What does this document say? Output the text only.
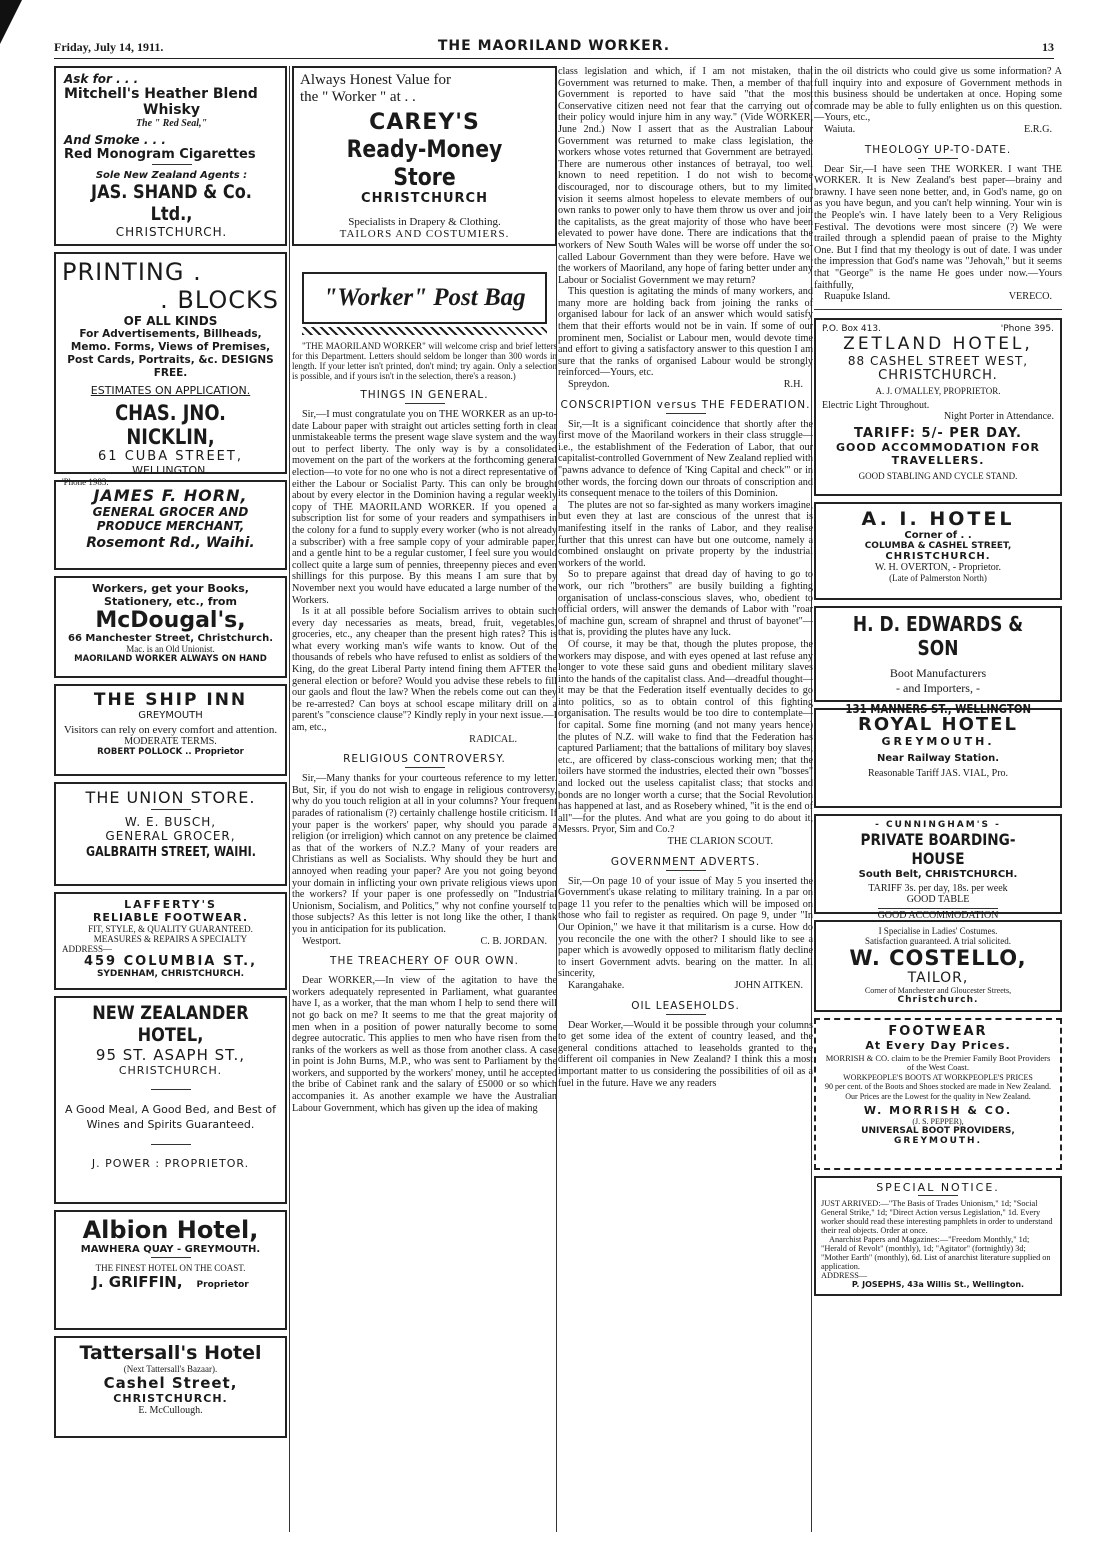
Friday, July 14, 1911.	THE MAORILAND WORKER.	13
Ask for . . .
Mitchell's Heather Blend
Whisky
The " Red Seal,"
And Smoke . . .
Red Monogram Cigarettes
Sole New Zealand Agents :
JAS. SHAND & Co. Ltd.,
CHRISTCHURCH.
PRINTING .
. BLOCKS
OF ALL KINDS
For Advertisements, Billheads, Memo. Forms, Views of Premises, Post Cards, Portraits, &c. DESIGNS FREE.
ESTIMATES ON APPLICATION.
CHAS. JNO. NICKLIN,
61 CUBA STREET,
WELLINGTON.
'Phone 1983.
JAMES F. HORN,
GENERAL GROCER AND
PRODUCE MERCHANT,
Rosemont Rd., Waihi.
Workers, get your Books, Stationery, etc., from
McDougal's,
66 Manchester Street, Christchurch.
Mac. is an Old Unionist.
MAORILAND WORKER ALWAYS ON HAND
THE SHIP INN
GREYMOUTH
Visitors can rely on every comfort and attention.
MODERATE TERMS.
ROBERT POLLOCK .. Proprietor
THE UNION STORE.
W. E. BUSCH,
GENERAL GROCER,
GALBRAITH STREET, WAIHI.
LAFFERTY'S
RELIABLE FOOTWEAR.
FIT, STYLE, & QUALITY GUARANTEED.
MEASURES & REPAIRS A SPECIALTY
ADDRESS—
459 COLUMBIA ST.,
SYDENHAM, CHRISTCHURCH.
NEW ZEALANDER HOTEL,
95 ST. ASAPH ST.,
CHRISTCHURCH.
A Good Meal, A Good Bed, and Best of Wines and Spirits Guaranteed.
J. POWER : PROPRIETOR.
Albion Hotel,
MAWHERA QUAY - GREYMOUTH.
THE FINEST HOTEL ON THE COAST.
J. GRIFFIN, Proprietor
Tattersall's Hotel
(Next Tattersall's Bazaar).
Cashel Street,
CHRISTCHURCH.
E. McCullough.
Always Honest Value for
the " Worker " at . .
CAREY'S
Ready-Money Store
CHRISTCHURCH
Specialists in Drapery & Clothing.
TAILORS AND COSTUMIERS.
"Worker" Post Bag

"THE MAORILAND WORKER" will welcome crisp and brief letters for this Department. Letters should seldom be longer than 300 words in length. If your letter isn't printed, don't mind; try again. Only a selection is possible, and if yours isn't in the selection, there's a reason.)

THINGS IN GENERAL.

Sir,—I must congratulate you on THE WORKER as an up-to-date Labour paper with straight out articles setting forth in clear unmistakeable terms the present wage slave system and the way out to perfect liberty. The only way is by a consolidated movement on the part of the workers at the forthcoming general election—to vote for no one who is not a direct representative of either the Labour or Socialist Party. This can only be brought about by every elector in the Dominion having a regular weekly copy of THE MAORILAND WORKER. If you opened a subscription list for some of your readers and sympathisers in the colony for a fund to supply every worker (who is not already a subscriber) with a free sample copy of your admirable paper, and a gentle hint to be a regular customer, I feel sure you would collect quite a large sum of pennies, threepenny pieces and even shillings for this purpose. By this means I am sure that by November next you would have educated a large number of the Workers.

Is it at all possible before Socialism arrives to obtain such every day necessaries as meats, bread, fruit, vegetables, groceries, etc., any cheaper than the present high rates? This is what every working man's wife wants to know. Out of the thousands of rebels who have refused to enlist as soldiers of the King, do the great Liberal Party intend fining them AFTER the general election or before? Would you advise these rebels to fill our gaols and flout the law? When the rebels come out can they be re-arrested? Can boys at school escape military drill on a parent's "conscience clause"? Kindly reply in your next issue.—I am, etc.,

RADICAL.
RELIGIOUS CONTROVERSY.

Sir,—Many thanks for your courteous reference to my letter. But, Sir, if you do not wish to engage in religious controversy, why do you touch religion at all in your columns? Your frequent parades of rationalism (?) certainly challenge hostile criticism. If your paper is the workers' paper, why should you parade a religion (or irreligion) which cannot on any pretence be claimed as that of the workers of N.Z.? Many of your readers are Christians as well as Socialists. Why should they be hurt and annoyed when reading your paper? Are you not going beyond your domain in inflicting your own private religious views upon the workers? If your paper is one professedly on "Industrial Unionism, Socialism, and Politics," why not confine yourself to those subjects? As this letter is not long like the other, I thank you in anticipation for its publication.

Westport.	C. B. JORDAN.
THE TREACHERY OF OUR OWN.

Dear WORKER,—In view of the agitation to have the workers adequately represented in Parliament, what guarantee have I, as a worker, that the man whom I help to send there will not go back on me? It seems to me that the great majority of men when in a position of power naturally become to some degree autocratic. This applies to men who have risen from the ranks of the workers as well as those from another class. A case in point is John Burns, M.P., who was sent to Parliament by the workers, and supported by the workers' money, until he accepted the bribe of Cabinet rank and the salary of £5000 or so which accompanies it. As another example we have the Australian Labour Government, which has given up the idea of making

class legislation and which, if I am not mistaken, that Government was returned to make. Then, a member of that Government is reported to have said "that the most Conservative citizen need not fear that the carrying out of their policy would injure him in any way." (Vide WORKER, June 2nd.) Now I assert that as the Australian Labour Government was returned to make class legislation, the workers whose votes returned that Government are betrayed. There are numerous other instances of betrayal, too well known to need repetition. I do not wish to become discouraged, nor to discourage others, but to my limited vision it seems almost hopeless to elevate members of our own ranks to power only to have them throw us over and join the capitalists, as the great majority of those who have been elevated to power have done. There are indications that the workers of New South Wales will be worse off under the so-called Labour Government than they were before. Have we, the workers of Maoriland, any hope of faring better under any Labour or Socialist Government we may return?

This question is agitating the minds of many workers, and many more are holding back from joining the ranks of organised labour for lack of an answer which would satisfy them that their efforts would not be in vain. If some of our prominent men, Socialist or Labour men, would devote time and effort to giving a satisfactory answer to this question I am sure that the ranks of organised Labour would be strongly reinforced—Yours, etc.

Spreydon.	R.H.
CONSCRIPTION versus THE FEDERATION.

Sir,—It is a significant coincidence that shortly after the first move of the Maoriland workers in their class struggle—i.e., the establishment of the Federation of Labor, that our capitalist-controlled Government of New Zealand replied with "pawns advance to defence of 'King Capital and check'" or in other words, the forcing down our throats of conscription and its consequent menace to the toilers of this Dominion.

The plutes are not so far-sighted as many workers imagine, but even they at last are conscious of the unrest that is manifesting itself in the ranks of Labor, and they realise further that this unrest can have but one outcome, namely a combined onslaught on private property by the industrial workers of the world.

So to prepare against that dread day of having to go to work, our rich "brothers" are busily building a fighting organisation of unclass-conscious slaves, who, obedient to official orders, will answer the demands of Labor with "roar of machine gun, scream of shrapnel and thrust of bayonet"—that is, providing the plutes have any luck.

Of course, it may be that, though the plutes propose, the workers may dispose, and with eyes opened at last refuse any longer to vote these said guns and obedient military slaves into the hands of the capitalist class. And—dreadful thought—it may be that the Federation itself eventually decides to go into politics, so as to obtain control of this fighting organisation. The results would be too dire to contemplate—for capital. Some fine morning (and not many years hence) the plutes of N.Z. will wake to find that the Federation has captured Parliament; that the battalions of military boy slaves, etc., are officered by class-conscious working men; that the toilers have stormed the industries, elected their own "bosses" and locked out the useless capitalist class; that stocks and bonds are no longer worth a curse; that the Social Revolution has happened at last, and as Rosebery whined, "it is the end of all"—for the plutes. And what are you going to do about it, Messrs. Pryor, Sim and Co.?

THE CLARION SCOUT.
GOVERNMENT ADVERTS.

Sir,—On page 10 of your issue of May 5 you inserted the Government's ukase relating to military training. In a par on page 11 you refer to the penalties which will be imposed on those who fail to register as required. On page 9, under "In Our Opinion," we have it that militarism is a curse. How do you reconcile the one with the other? I should like to see a paper which is avowedly opposed to militarism flatly decline to insert Government advts. bearing on the matter. In all sincerity,

Karangahake.	JOHN AITKEN.
OIL LEASEHOLDS.

Dear Worker,—Would it be possible through your columns to get some idea of the extent of country leased, and the general conditions attached to leaseholds granted to the different oil companies in New Zealand? I think this a most important matter to us considering the possibilities of oil as a fuel in the future. Have we any readers

in the oil districts who could give us some information? A full inquiry into and exposure of Government methods in this business should be undertaken at once. Hoping some comrade may be able to fully enlighten us on this question.—Yours, etc.,

Waiuta.	E.R.G.
THEOLOGY UP-TO-DATE.

Dear Sir,—I have seen THE WORKER. I want THE WORKER. It is New Zealand's best paper—brainy and brawny. I have seen none better, and, in God's name, go on as you have begun, and you can't help winning. Your win is the People's win. I have lately been to a Very Religious Festival. The devotions were most sincere (?) We were trailed through a splendid paean of praise to the Mighty One. But I find that my theology is out of date. I was under the impression that God's name was "Jehovah," but it seems that "George" is the name He goes under now.—Yours faithfully,

Ruapuke Island.	VERECO.
P.O. Box 413.	'Phone 395.
ZETLAND HOTEL,
88 CASHEL STREET WEST,
CHRISTCHURCH.
A. J. O'MALLEY, PROPRIETOR.
Electric Light Throughout.
Night Porter in Attendance.
TARIFF: 5/- PER DAY.
GOOD ACCOMMODATION FOR TRAVELLERS.
GOOD STABLING AND CYCLE STAND.
A. I. HOTEL
Corner of . .
COLUMBA & CASHEL STREET,
CHRISTCHURCH.
W. H. OVERTON, - Proprietor.
(Late of Palmerston North)
H. D. EDWARDS & SON
Boot Manufacturers
- and Importers, -
131 MANNERS ST., WELLINGTON
ROYAL HOTEL
GREYMOUTH.
Near Railway Station.
Reasonable Tariff JAS. VIAL, Pro.
- CUNNINGHAM'S -
PRIVATE BOARDING-HOUSE
South Belt, CHRISTCHURCH.
TARIFF 3s. per day, 18s. per week
GOOD TABLE
GOOD ACCOMMODATION
I Specialise in Ladies' Costumes.
Satisfaction guaranteed. A trial solicited.
W. COSTELLO,
TAILOR,
Corner of Manchester and Gloucester Streets,
Christchurch.
FOOTWEAR
At Every Day Prices.
MORRISH & CO. claim to be the Premier Family Boot Providers of the West Coast.
WORKPEOPLE'S BOOTS AT WORKPEOPLE'S PRICES
90 per cent. of the Boots and Shoes stocked are made in New Zealand.
Our Prices are the Lowest for the quality in New Zealand.
W. MORRISH & CO.
(J. S. PEPPER),
UNIVERSAL BOOT PROVIDERS,
GREYMOUTH.
SPECIAL NOTICE.
JUST ARRIVED:—"The Basis of Trades Unionism," 1d; "Social General Strike," 1d; "Direct Action versus Legislation," 1d. Every worker should read these interesting pamphlets in order to understand their real objects. Order at once.
Anarchist Papers and Magazines:—"Freedom Monthly," 1d; "Herald of Revolt" (monthly), 1d; "Agitator" (fortnightly) 3d; "Mother Earth" (monthly), 6d. List of anarchist literature supplied on application.
ADDRESS—
P. JOSEPHS, 43a Willis St., Wellington.
